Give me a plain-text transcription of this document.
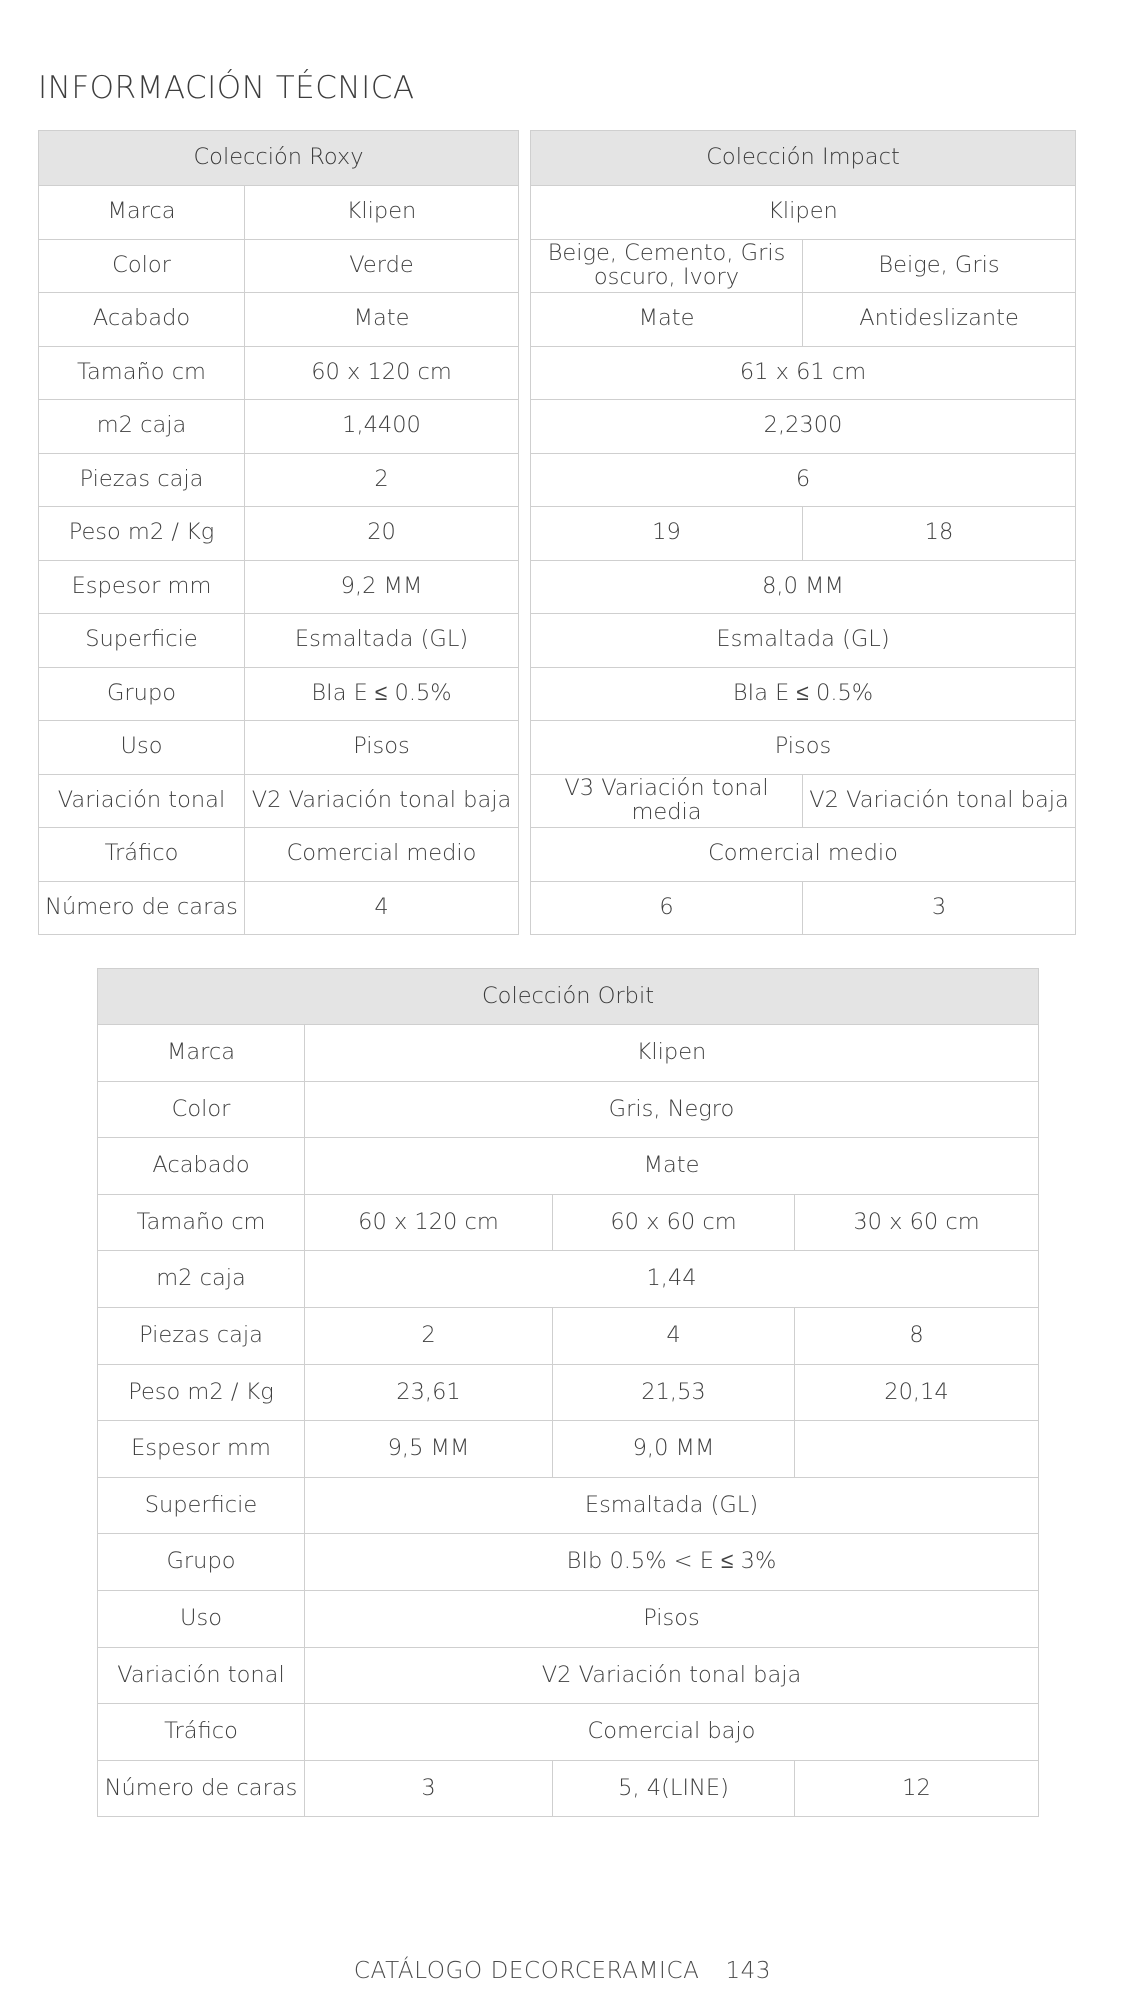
INFORMACIÓN TÉCNICA
Colección Roxy	
Marca	Klipen
Color	Verde
Acabado	Mate
Tamaño cm	60 x 120 cm
m2 caja	1,4400
Piezas caja	2
Peso m2 / Kg	20
Espesor mm	9,2 MM
Superficie	Esmaltada (GL)
Grupo	BIa E ≤ 0.5%
Uso	Pisos
Variación tonal	V2 Variación tonal baja
Tráfico	Comercial medio
Número de caras	4
Colección Impact	
Klipen	
Beige, Cemento, Gris oscuro, Ivory	Beige, Gris
Mate	Antideslizante
61 x 61 cm	
2,2300	
6	
19	18
8,0 MM	
Esmaltada (GL)	
BIa E ≤ 0.5%	
Pisos	
V3 Variación tonal media	V2 Variación tonal baja
Comercial medio	
6	3
Colección Orbit			
Marca	Klipen		
Color	Gris, Negro		
Acabado	Mate		
Tamaño cm	60 x 120 cm	60 x 60 cm	30 x 60 cm
m2 caja	1,44		
Piezas caja	2	4	8
Peso m2 / Kg	23,61	21,53	20,14
Espesor mm	9,5 MM	9,0 MM	
Superficie	Esmaltada (GL)		
Grupo	BIb 0.5% < E ≤ 3%		
Uso	Pisos		
Variación tonal	V2 Variación tonal baja		
Tráfico	Comercial bajo		
Número de caras	3	5, 4(LINE)	12
CATÁLOGO DECORCERAMICA 143
